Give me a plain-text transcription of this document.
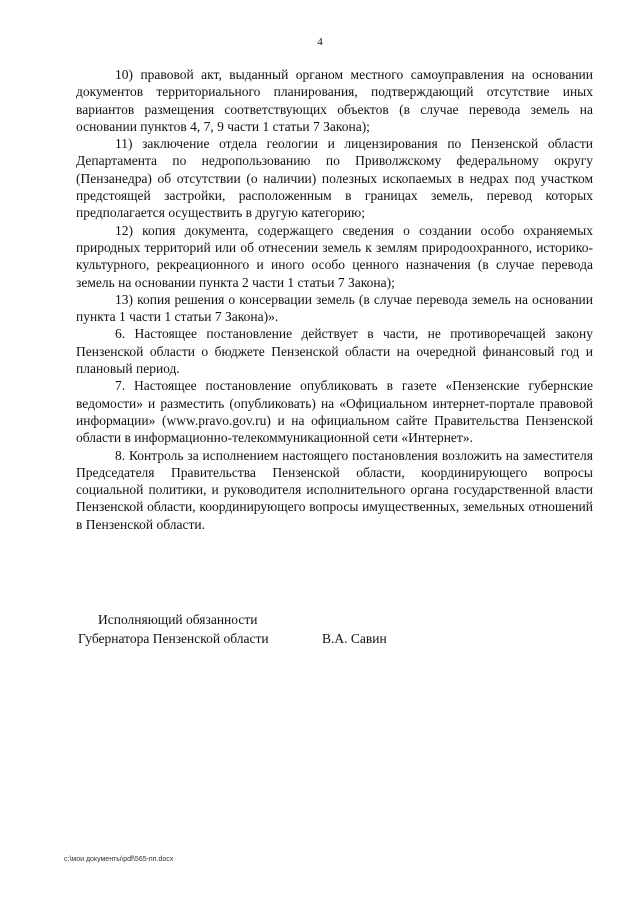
4

10) правовой акт, выданный органом местного самоуправления на основании документов территориального планирования, подтверждающий отсутствие иных вариантов размещения соответствующих объектов (в случае перевода земель на основании пунктов 4, 7, 9 части 1 статьи 7 Закона);

11) заключение отдела геологии и лицензирования по Пензенской области Департамента по недропользованию по Приволжскому федеральному округу (Пензанедра) об отсутствии (о наличии) полезных ископаемых в недрах под участком предстоящей застройки, расположенным в границах земель, перевод которых предполагается осуществить в другую категорию;

12) копия документа, содержащего сведения о создании особо охраняемых природных территорий или об отнесении земель к землям природоохранного, историко-культурного, рекреационного и иного особо ценного назначения (в случае перевода земель на основании пункта 2 части 1 статьи 7 Закона);

13) копия решения о консервации земель (в случае перевода земель на основании пункта 1 части 1 статьи 7 Закона)».

6. Настоящее постановление действует в части, не противоречащей закону Пензенской области о бюджете Пензенской области на очередной финансовый год и плановый период.

7. Настоящее постановление опубликовать в газете «Пензенские губернские ведомости» и разместить (опубликовать) на «Официальном интернет-портале правовой информации» (www.pravo.gov.ru) и на официальном сайте Правительства Пензенской области в информационно-телекоммуникационной сети «Интернет».

8. Контроль за исполнением настоящего постановления возложить на заместителя Председателя Правительства Пензенской области, координирующего вопросы социальной политики, и руководителя исполнительного органа государственной власти Пензенской области, координирующего вопросы имущественных, земельных отношений в Пензенской области.

Исполняющий обязанности
Губернатора Пензенской области	В.А. Савин
c:\мои документы\pdf\565-пп.docx
